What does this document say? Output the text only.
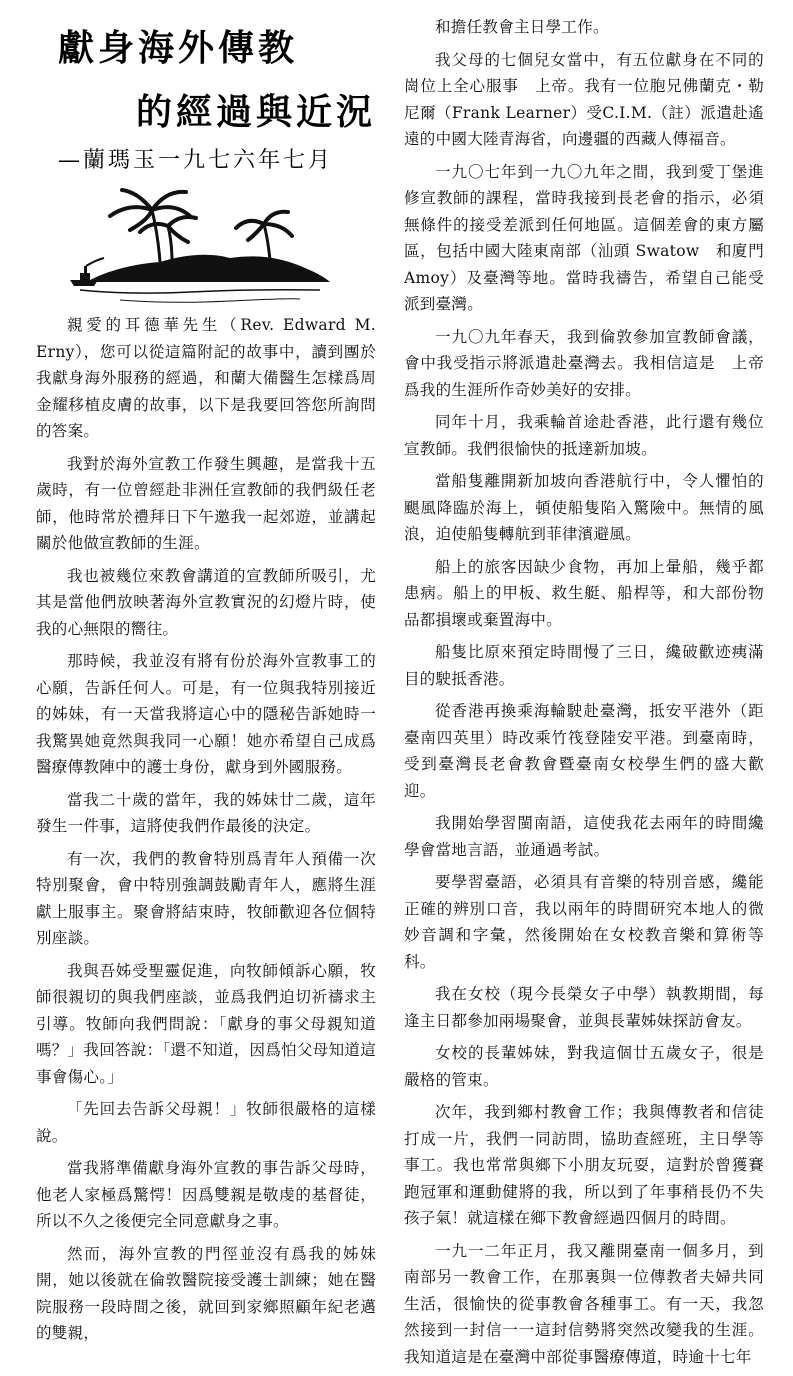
獻身海外傳教
的經過與近況
—蘭瑪玉一九七六年七月

親愛的耳德華先生（Rev. Edward M. Erny），您可以從這篇附記的故事中，讀到團於我獻身海外服務的經過，和蘭大備醫生怎樣爲周金耀移植皮膚的故事，以下是我要回答您所詢問的答案。

我對於海外宣教工作發生興趣，是當我十五歲時，有一位曾經赴非洲任宣教師的我們級任老師，他時常於禮拜日下午邀我一起郊遊，並講起關於他做宣教師的生涯。

我也被幾位來教會講道的宣教師所吸引，尤其是當他們放映著海外宣教實況的幻燈片時，使我的心無限的嚮往。

那時候，我並沒有將有份於海外宣教事工的心願，告訴任何人。可是，有一位與我特別接近的姊妹，有一天當我將這心中的隱秘告訴她時一我驚異她竟然與我同一心願！她亦希望自己成爲醫療傳教陣中的護士身份，獻身到外國服務。

當我二十歲的當年，我的姊妹廿二歲，這年發生一件事，這將使我們作最後的決定。

有一次，我們的教會特別爲青年人預備一次特別聚會，會中特別強調鼓勵青年人，應將生涯獻上服事主。聚會將結束時，牧師歡迎各位個特別座談。

我與吾姊受聖靈促進，向牧師傾訴心願，牧師很親切的與我們座談，並爲我們迫切祈禱求主引導。牧師向我們問說：「獻身的事父母親知道嗎？」我回答說：「還不知道，因爲怕父母知道這事會傷心。」

「先回去告訴父母親！」牧師很嚴格的這樣說。

當我將準備獻身海外宣教的事告訴父母時，他老人家極爲驚愕！因爲雙親是敬虔的基督徒，所以不久之後便完全同意獻身之事。

然而，海外宣教的門徑並沒有爲我的姊妹開，她以後就在倫敦醫院接受護士訓練；她在醫院服務一段時間之後，就回到家鄉照顧年紀老邁的雙親，

和擔任教會主日學工作。

我父母的七個兒女當中，有五位獻身在不同的崗位上全心服事　上帝。我有一位胞兄佛蘭克・勒尼爾（Frank Learner）受C.I.M.（註）派遣赴遙遠的中國大陸青海省，向邊疆的西藏人傳福音。

一九〇七年到一九〇九年之間，我到愛丁堡進修宣教師的課程，當時我接到長老會的指示，必須無條件的接受差派到任何地區。這個差會的東方屬區，包括中國大陸東南部（汕頭 Swatow　和廈門 Amoy）及臺灣等地。當時我禱告，希望自己能受派到臺灣。

一九〇九年春天，我到倫敦參加宣教師會議，會中我受指示將派遣赴臺灣去。我相信這是　上帝爲我的生涯所作奇妙美好的安排。

同年十月，我乘輪首途赴香港，此行還有幾位宣教師。我們很愉快的抵達新加坡。

當船隻離開新加坡向香港航行中，令人懼怕的颶風降臨於海上，頓使船隻陷入驚險中。無情的風浪，迫使船隻轉航到菲律濱避風。

船上的旅客因缺少食物，再加上暈船，幾乎都患病。船上的甲板、救生艇、船桿等，和大部份物品都損壞或棄置海中。

船隻比原來預定時間慢了三日，纔破歡迹痍滿目的駛抵香港。

從香港再換乘海輪駛赴臺灣，抵安平港外（距臺南四英里）時改乘竹筏登陸安平港。到臺南時，受到臺灣長老會教會暨臺南女校學生們的盛大歡迎。

我開始學習閩南語，這使我花去兩年的時間纔學會當地言語，並通過考試。

要學習臺語，必須具有音樂的特別音感，纔能正確的辨別口音，我以兩年的時間研究本地人的微妙音調和字彙，然後開始在女校教音樂和算術等科。

我在女校（現今長榮女子中學）執教期間，每逢主日都參加兩場聚會，並與長輩姊妹探訪會友。

女校的長輩姊妹，對我這個廿五歲女子，很是嚴格的管束。

次年，我到鄉村教會工作；我與傳教者和信徒打成一片，我們一同訪問，協助查經班，主日學等事工。我也常常與鄉下小朋友玩耍，這對於曾獲賽跑冠軍和運動健將的我，所以到了年事稍長仍不失孩子氣！就這樣在鄉下教會經過四個月的時間。

一九一二年正月，我又離開臺南一個多月，到南部另一教會工作，在那裏與一位傳教者夫婦共同生活，很愉快的從事教會各種事工。有一天，我忽然接到一封信一一這封信勢將突然改變我的生涯。我知道這是在臺灣中部從事醫療傳道，時逾十七年
